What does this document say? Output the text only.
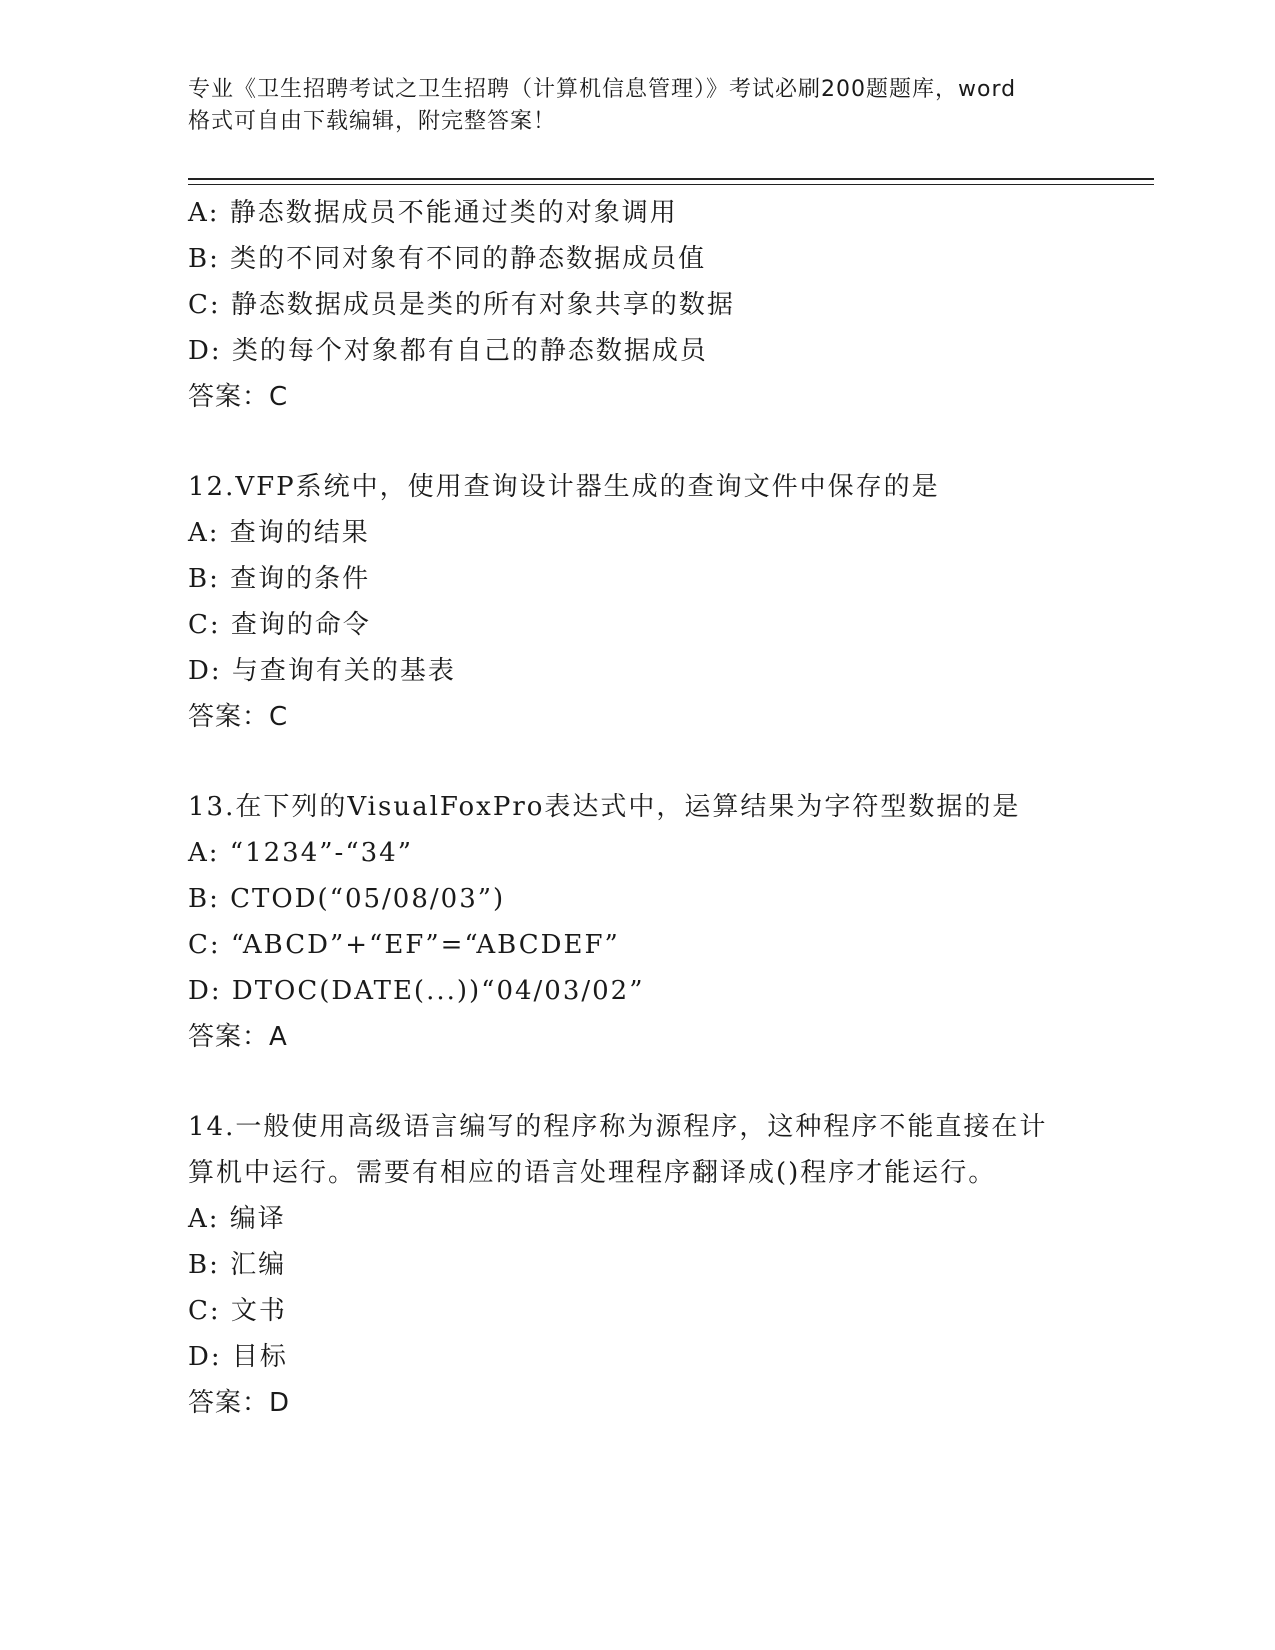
专业《卫生招聘考试之卫生招聘（计算机信息管理）》考试必刷200题题库，word
格式可自由下载编辑，附完整答案！
A: 静态数据成员不能通过类的对象调用
B: 类的不同对象有不同的静态数据成员值
C: 静态数据成员是类的所有对象共享的数据
D: 类的每个对象都有自己的静态数据成员
答案：C
12.VFP系统中，使用查询设计器生成的查询文件中保存的是
A: 查询的结果
B: 查询的条件
C: 查询的命令
D: 与查询有关的基表
答案：C
13.在下列的VisualFoxPro表达式中，运算结果为字符型数据的是
A: “1234”-“34”
B: CTOD(“05/08/03”)
C: “ABCD”+“EF”=“ABCDEF”
D: DTOC(DATE(...))“04/03/02”
答案：A
14.一般使用高级语言编写的程序称为源程序，这种程序不能直接在计
算机中运行。需要有相应的语言处理程序翻译成()程序才能运行。
A: 编译
B: 汇编
C: 文书
D: 目标
答案：D
